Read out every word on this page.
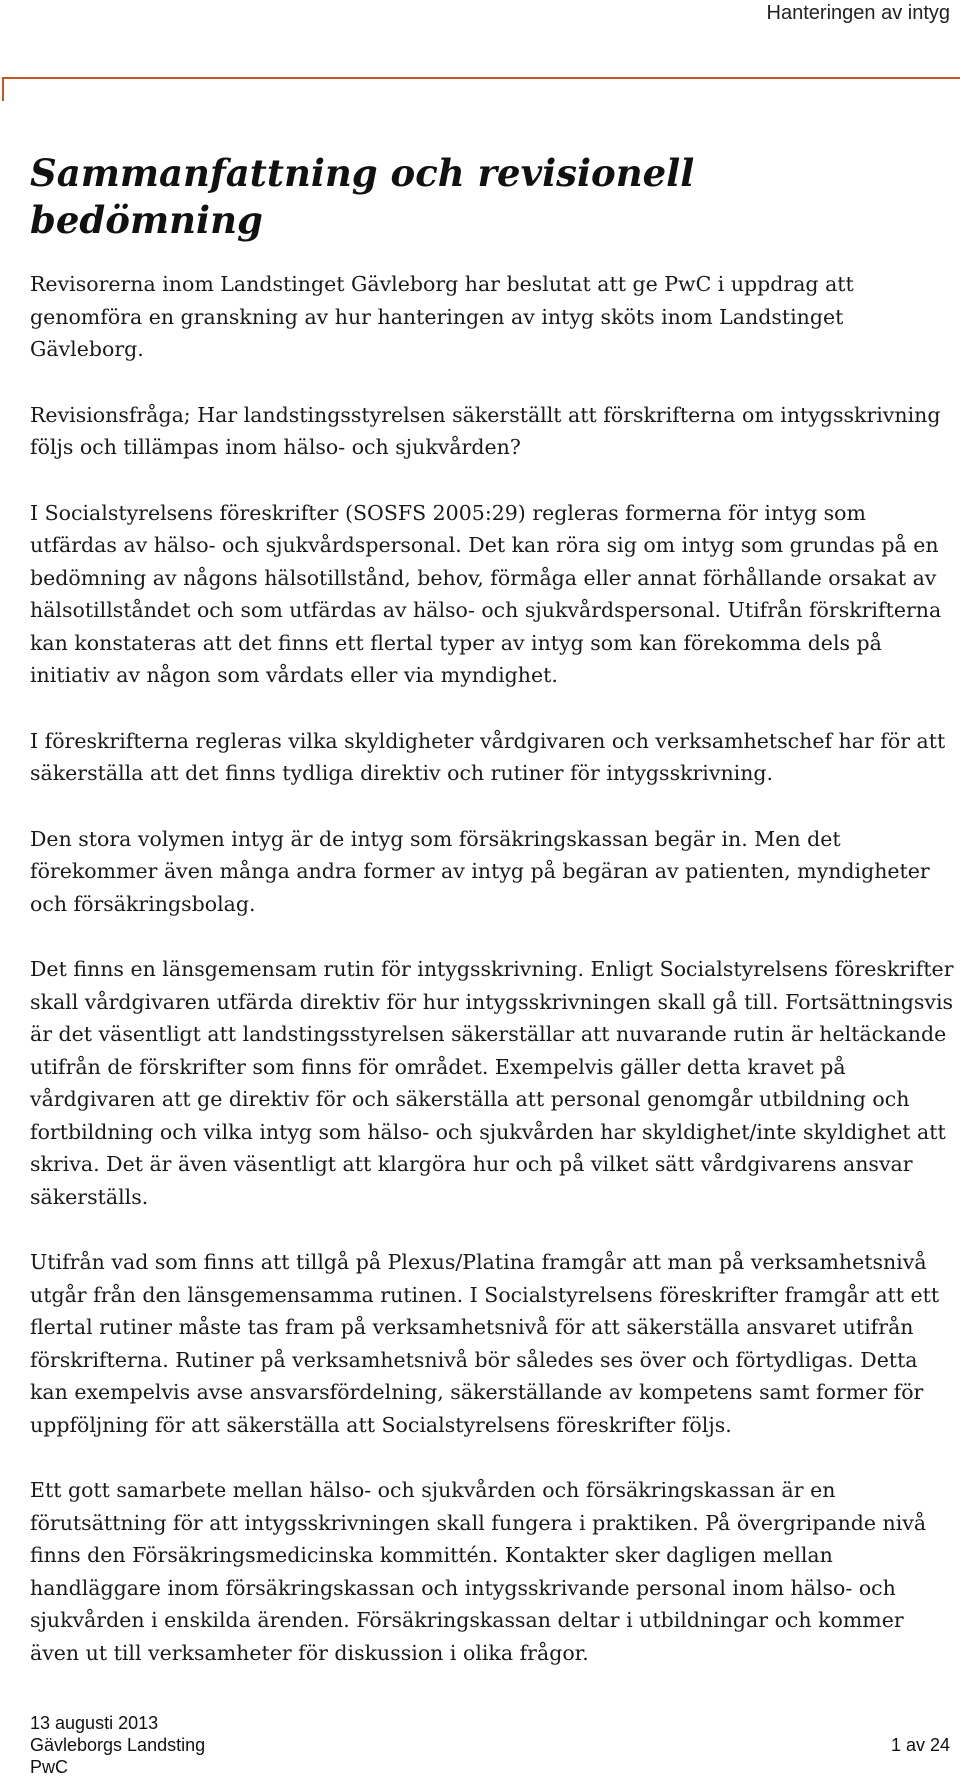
Hanteringen av intyg
Sammanfattning och revisionell bedömning

Revisorerna inom Landstinget Gävleborg har beslutat att ge PwC i uppdrag att genomföra en granskning av hur hanteringen av intyg sköts inom Landstinget Gävleborg.

Revisionsfråga; Har landstingsstyrelsen säkerställt att förskrifterna om intygsskrivning följs och tillämpas inom hälso- och sjukvården?

I Socialstyrelsens föreskrifter (SOSFS 2005:29) regleras formerna för intyg som utfärdas av hälso- och sjukvårdspersonal. Det kan röra sig om intyg som grundas på en bedömning av någons hälsotillstånd, behov, förmåga eller annat förhållande orsakat av hälsotillståndet och som utfärdas av hälso- och sjukvårdspersonal. Utifrån förskrifterna kan konstateras att det finns ett flertal typer av intyg som kan förekomma dels på initiativ av någon som vårdats eller via myndighet.

I föreskrifterna regleras vilka skyldigheter vårdgivaren och verksamhetschef har för att säkerställa att det finns tydliga direktiv och rutiner för intygsskrivning.

Den stora volymen intyg är de intyg som försäkringskassan begär in. Men det förekommer även många andra former av intyg på begäran av patienten, myndigheter och försäkringsbolag.

Det finns en länsgemensam rutin för intygsskrivning. Enligt Socialstyrelsens föreskrifter skall vårdgivaren utfärda direktiv för hur intygsskrivningen skall gå till. Fortsättningsvis är det väsentligt att landstingsstyrelsen säkerställar att nuvarande rutin är heltäckande utifrån de förskrifter som finns för området. Exempelvis gäller detta kravet på vårdgivaren att ge direktiv för och säkerställa att personal genomgår utbildning och fortbildning och vilka intyg som hälso- och sjukvården har skyldighet/inte skyldighet att skriva. Det är även väsentligt att klargöra hur och på vilket sätt vårdgivarens ansvar säkerställs.

Utifrån vad som finns att tillgå på Plexus/Platina framgår att man på verksamhetsnivå utgår från den länsgemensamma rutinen. I Socialstyrelsens föreskrifter framgår att ett flertal rutiner måste tas fram på verksamhetsnivå för att säkerställa ansvaret utifrån förskrifterna. Rutiner på verksamhetsnivå bör således ses över och förtydligas. Detta kan exempelvis avse ansvarsfördelning, säkerställande av kompetens samt former för uppföljning för att säkerställa att Socialstyrelsens föreskrifter följs.

Ett gott samarbete mellan hälso- och sjukvården och försäkringskassan är en förutsättning för att intygsskrivningen skall fungera i praktiken. På övergripande nivå finns den Försäkringsmedicinska kommittén. Kontakter sker dagligen mellan handläggare inom försäkringskassan och intygsskrivande personal inom hälso- och sjukvården i enskilda ärenden. Försäkringskassan deltar i utbildningar och kommer även ut till verksamheter för diskussion i olika frågor.

13 augusti 2013
Gävleborgs Landsting
PwC
1 av 24
